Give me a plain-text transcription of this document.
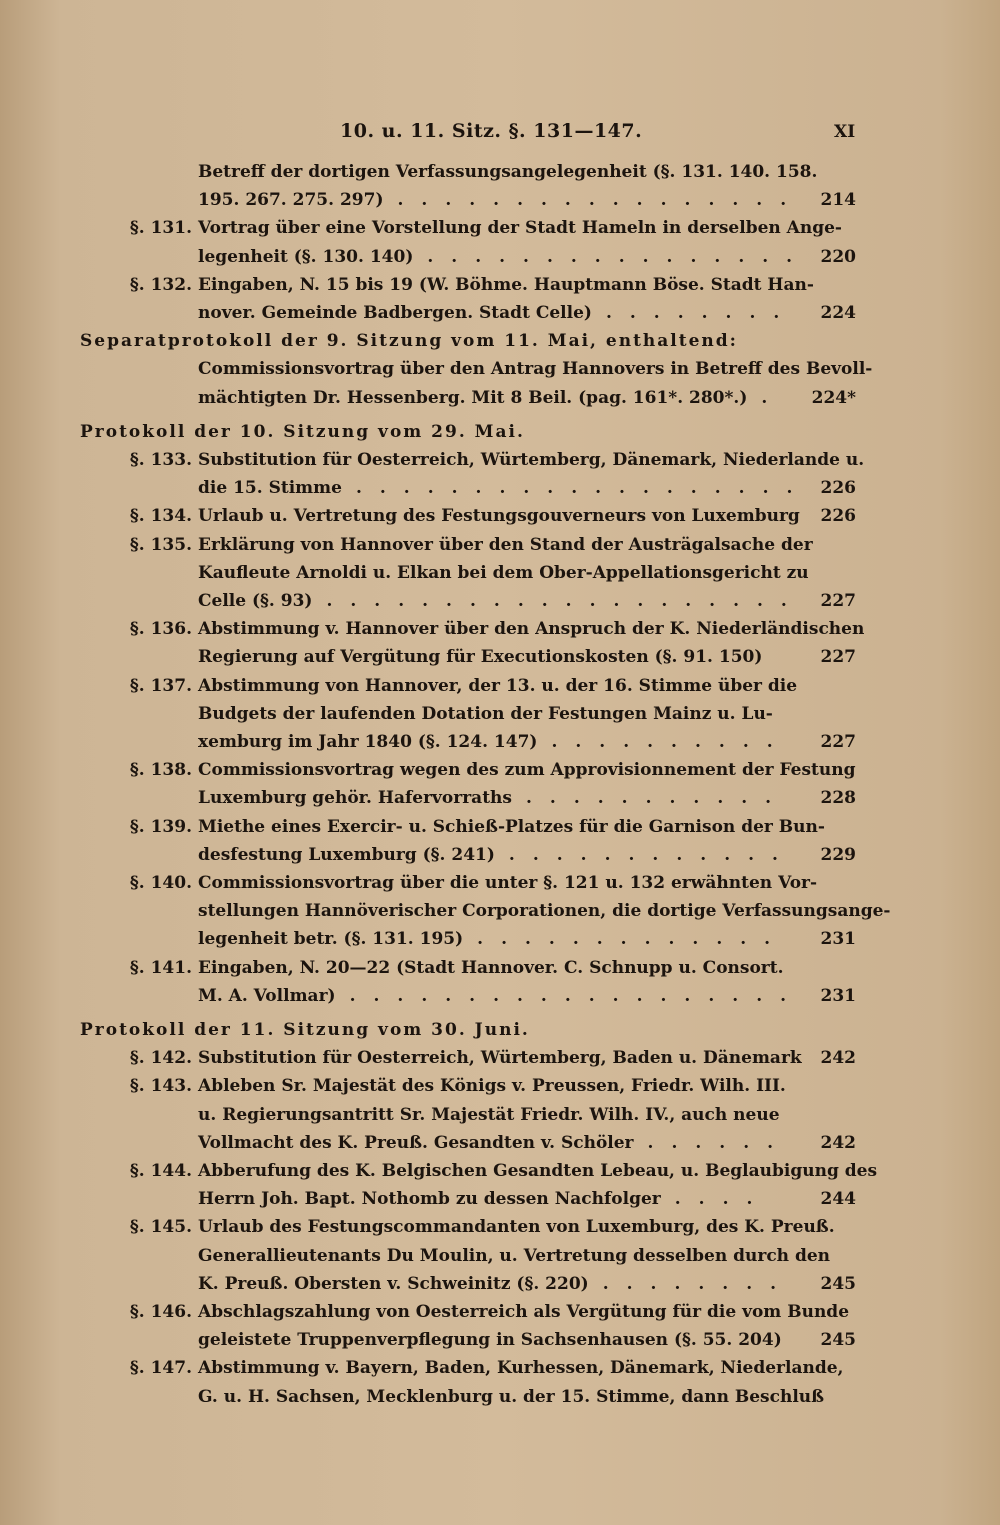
10. u. 11. Sitz. §. 131—147.	XI
Betreff der dortigen Verfassungsangelegenheit (§. 131. 140. 158.
195. 267. 275. 297) ................. 214
§. 131. Vortrag über eine Vorstellung der Stadt Hameln in derselben Ange-
legenheit (§. 130. 140) ................ 220
§. 132. Eingaben, N. 15 bis 19 (W. Böhme. Hauptmann Böse. Stadt Han-
nover. Gemeinde Badbergen. Stadt Celle) ........	224
Separatprotokoll der 9. Sitzung vom 11. Mai, enthaltend:
Commissionsvortrag über den Antrag Hannovers in Betreff des Bevoll-
mächtigten Dr. Hessenberg. Mit 8 Beil. (pag. 161*. 280*.) .	224*
Protokoll der 10. Sitzung vom 29. Mai.
§. 133. Substitution für Oesterreich, Würtemberg, Dänemark, Niederlande u.
die 15. Stimme ................... 226
§. 134. Urlaub u. Vertretung des Festungsgouverneurs von Luxemburg	226
§. 135. Erklärung von Hannover über den Stand der Austrägalsache der
Kaufleute Arnoldi u. Elkan bei dem Ober-Appellationsgericht zu
Celle (§. 93) .................... 227
§. 136. Abstimmung v. Hannover über den Anspruch der K. Niederländischen
Regierung auf Vergütung für Executionskosten (§. 91. 150)	227
§. 137. Abstimmung von Hannover, der 13. u. der 16. Stimme über die
Budgets der laufenden Dotation der Festungen Mainz u. Lu-
xemburg im Jahr 1840 (§. 124. 147) ..........	227
§. 138. Commissionsvortrag wegen des zum Approvisionnement der Festung
Luxemburg gehör. Hafervorraths ...........	228
§. 139. Miethe eines Exercir- u. Schieß-Platzes für die Garnison der Bun-
desfestung Luxemburg (§. 241) ............	229
§. 140. Commissionsvortrag über die unter §. 121 u. 132 erwähnten Vor-
stellungen Hannöverischer Corporationen, die dortige Verfassungsange-
legenheit betr. (§. 131. 195) .............	231
§. 141. Eingaben, N. 20—22 (Stadt Hannover. C. Schnupp u. Consort.
M. A. Vollmar) ................... 231
Protokoll der 11. Sitzung vom 30. Juni.
§. 142. Substitution für Oesterreich, Würtemberg, Baden u. Dänemark	242
§. 143. Ableben Sr. Majestät des Königs v. Preussen, Friedr. Wilh. III.
u. Regierungsantritt Sr. Majestät Friedr. Wilh. IV., auch neue
Vollmacht des K. Preuß. Gesandten v. Schöler ......	242
§. 144. Abberufung des K. Belgischen Gesandten Lebeau, u. Beglaubigung des
Herrn Joh. Bapt. Nothomb zu dessen Nachfolger ....	244
§. 145. Urlaub des Festungscommandanten von Luxemburg, des K. Preuß.
Generallieutenants Du Moulin, u. Vertretung desselben durch den
K. Preuß. Obersten v. Schweinitz (§. 220) ........	245
§. 146. Abschlagszahlung von Oesterreich als Vergütung für die vom Bunde
geleistete Truppenverpflegung in Sachsenhausen (§. 55. 204)	245
§. 147. Abstimmung v. Bayern, Baden, Kurhessen, Dänemark, Niederlande,
G. u. H. Sachsen, Mecklenburg u. der 15. Stimme, dann Beschluß
